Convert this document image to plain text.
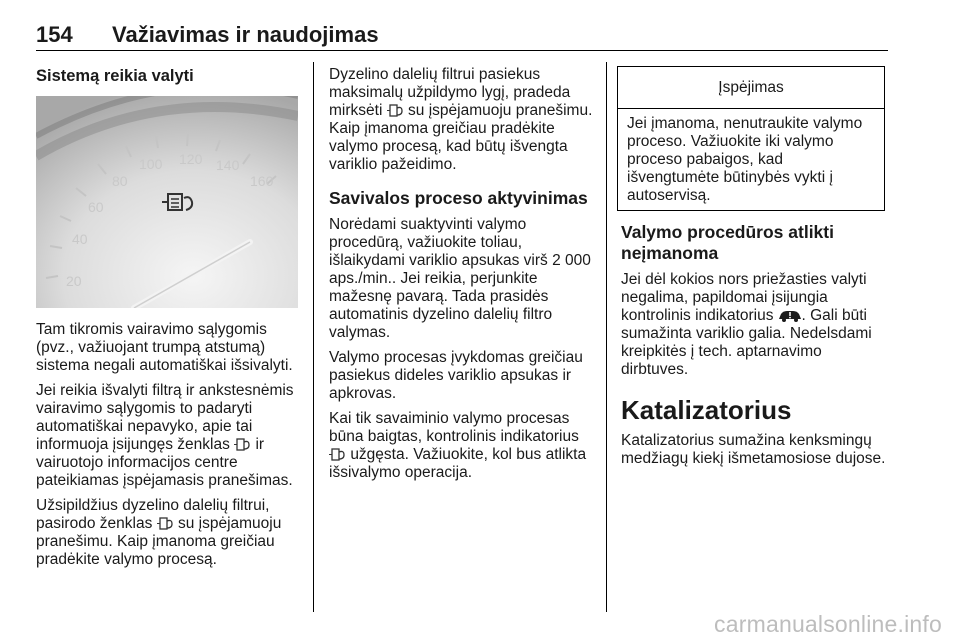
154 Važiavimas ir naudojimas

Sistemą reikia valyti

20
40
60
80
100 120 140
160

Tam tikromis vairavimo sąlygomis (pvz., važiuojant trumpą atstumą) sistema negali automatiškai išsivalyti.

Jei reikia išvalyti filtrą ir ankstesnėmis vairavimo sąlygomis to padaryti automatiškai nepavyko, apie tai informuoja įsijungęs ženklas ir vairuotojo informacijos centre pateikiamas įspėjamasis pranešimas.

Užsipildžius dyzelino dalelių filtrui, pasirodo ženklas su įspėjamuoju pranešimu. Kaip įmanoma greičiau pradėkite valymo procesą.

Dyzelino dalelių filtrui pasiekus maksimalų užpildymo lygį, pradeda mirksėti su įspėjamuoju pranešimu. Kaip įmanoma greičiau pradėkite valymo procesą, kad būtų išvengta variklio pažeidimo.

Savivalos proceso aktyvinimas

Norėdami suaktyvinti valymo procedūrą, važiuokite toliau, išlaikydami variklio apsukas virš 2 000 aps./min.. Jei reikia, perjunkite mažesnę pavarą. Tada prasidės automatinis dyzelino dalelių filtro valymas.

Valymo procesas įvykdomas greičiau pasiekus dideles variklio apsukas ir apkrovas.

Kai tik savaiminio valymo procesas būna baigtas, kontrolinis indikatorius  užgęsta. Važiuokite, kol bus atlikta išsivalymo operacija.

Įspėjimas
Jei įmanoma, nenutraukite valymo proceso. Važiuokite iki valymo proceso pabaigos, kad išvengtumėte būtinybės vykti į autoservisą.

Valymo procedūros atlikti neįmanoma

Jei dėl kokios nors priežasties valyti negalima, papildomai įsijungia kontrolinis indikatorius . Gali būti sumažinta variklio galia. Nedelsdami kreipkitės į tech. aptarnavimo dirbtuves.

Katalizatorius

Katalizatorius sumažina kenksmingų medžiagų kiekį išmetamosiose dujose.

carmanualsonline.info
